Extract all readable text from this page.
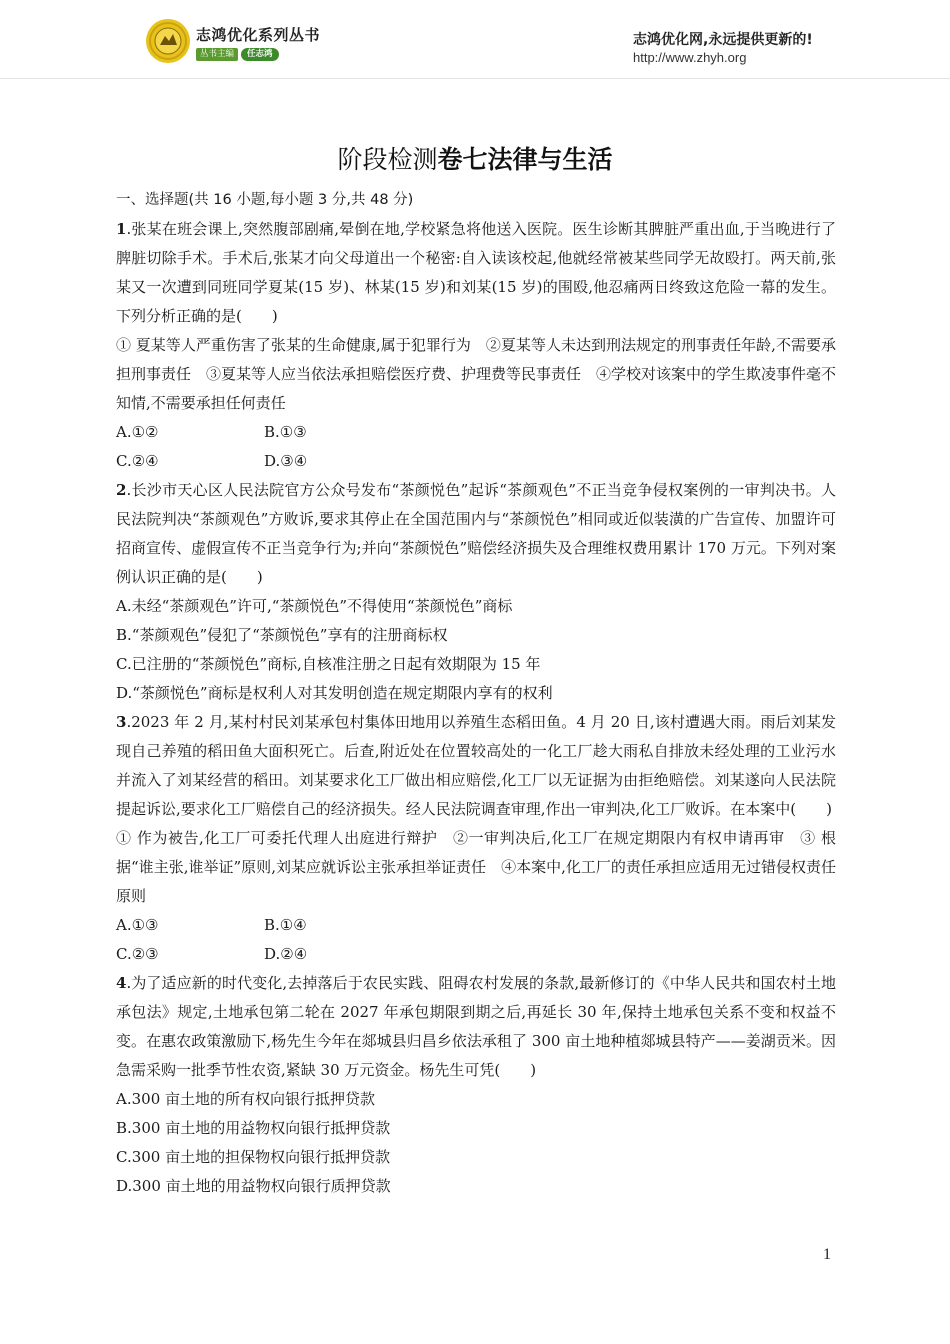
志鸿优化系列丛书
丛书主编	任志鸿
志鸿优化网,永远提供更新的!
http://www.zhyh.org
阶段检测卷七法律与生活
一、选择题(共 16 小题,每小题 3 分,共 48 分)

1.张某在班会课上,突然腹部剧痛,晕倒在地,学校紧急将他送入医院。医生诊断其脾脏严重出血,于当晚进行了脾脏切除手术。手术后,张某才向父母道出一个秘密:自入读该校起,他就经常被某些同学无故殴打。两天前,张某又一次遭到同班同学夏某(15 岁)、林某(15 岁)和刘某(15 岁)的围殴,他忍痛两日终致这危险一幕的发生。下列分析正确的是(　　)

① 夏某等人严重伤害了张某的生命健康,属于犯罪行为　②夏某等人未达到刑法规定的刑事责任年龄,不需要承担刑事责任　③夏某等人应当依法承担赔偿医疗费、护理费等民事责任　④学校对该案中的学生欺凌事件毫不知情,不需要承担任何责任

A.①②	B.①③
C.②④	D.③④

2.长沙市天心区人民法院官方公众号发布“茶颜悦色”起诉“茶颜观色”不正当竞争侵权案例的一审判决书。人民法院判决“茶颜观色”方败诉,要求其停止在全国范围内与“茶颜悦色”相同或近似装潢的广告宣传、加盟许可招商宣传、虚假宣传不正当竞争行为;并向“茶颜悦色”赔偿经济损失及合理维权费用累计 170 万元。下列对案例认识正确的是(　　)

A.未经“茶颜观色”许可,“茶颜悦色”不得使用“茶颜悦色”商标

B.“茶颜观色”侵犯了“茶颜悦色”享有的注册商标权

C.已注册的“茶颜悦色”商标,自核准注册之日起有效期限为 15 年

D.“茶颜悦色”商标是权利人对其发明创造在规定期限内享有的权利

3.2023 年 2 月,某村村民刘某承包村集体田地用以养殖生态稻田鱼。4 月 20 日,该村遭遇大雨。雨后刘某发现自己养殖的稻田鱼大面积死亡。后查,附近处在位置较高处的一化工厂趁大雨私自排放未经处理的工业污水并流入了刘某经营的稻田。刘某要求化工厂做出相应赔偿,化工厂以无证据为由拒绝赔偿。刘某遂向人民法院提起诉讼,要求化工厂赔偿自己的经济损失。经人民法院调查审理,作出一审判决,化工厂败诉。在本案中(　　)

① 作为被告,化工厂可委托代理人出庭进行辩护　②一审判决后,化工厂在规定期限内有权申请再审　③ 根据“谁主张,谁举证”原则,刘某应就诉讼主张承担举证责任　④本案中,化工厂的责任承担应适用无过错侵权责任原则

A.①③	B.①④
C.②③	D.②④

4.为了适应新的时代变化,去掉落后于农民实践、阻碍农村发展的条款,最新修订的《中华人民共和国农村土地承包法》规定,土地承包第二轮在 2027 年承包期限到期之后,再延长 30 年,保持土地承包关系不变和权益不变。在惠农政策激励下,杨先生今年在郯城县归昌乡依法承租了 300 亩土地种植郯城县特产——姜湖贡米。因急需采购一批季节性农资,紧缺 30 万元资金。杨先生可凭(　　)

A.300 亩土地的所有权向银行抵押贷款

B.300 亩土地的用益物权向银行抵押贷款

C.300 亩土地的担保物权向银行抵押贷款

D.300 亩土地的用益物权向银行质押贷款

1
